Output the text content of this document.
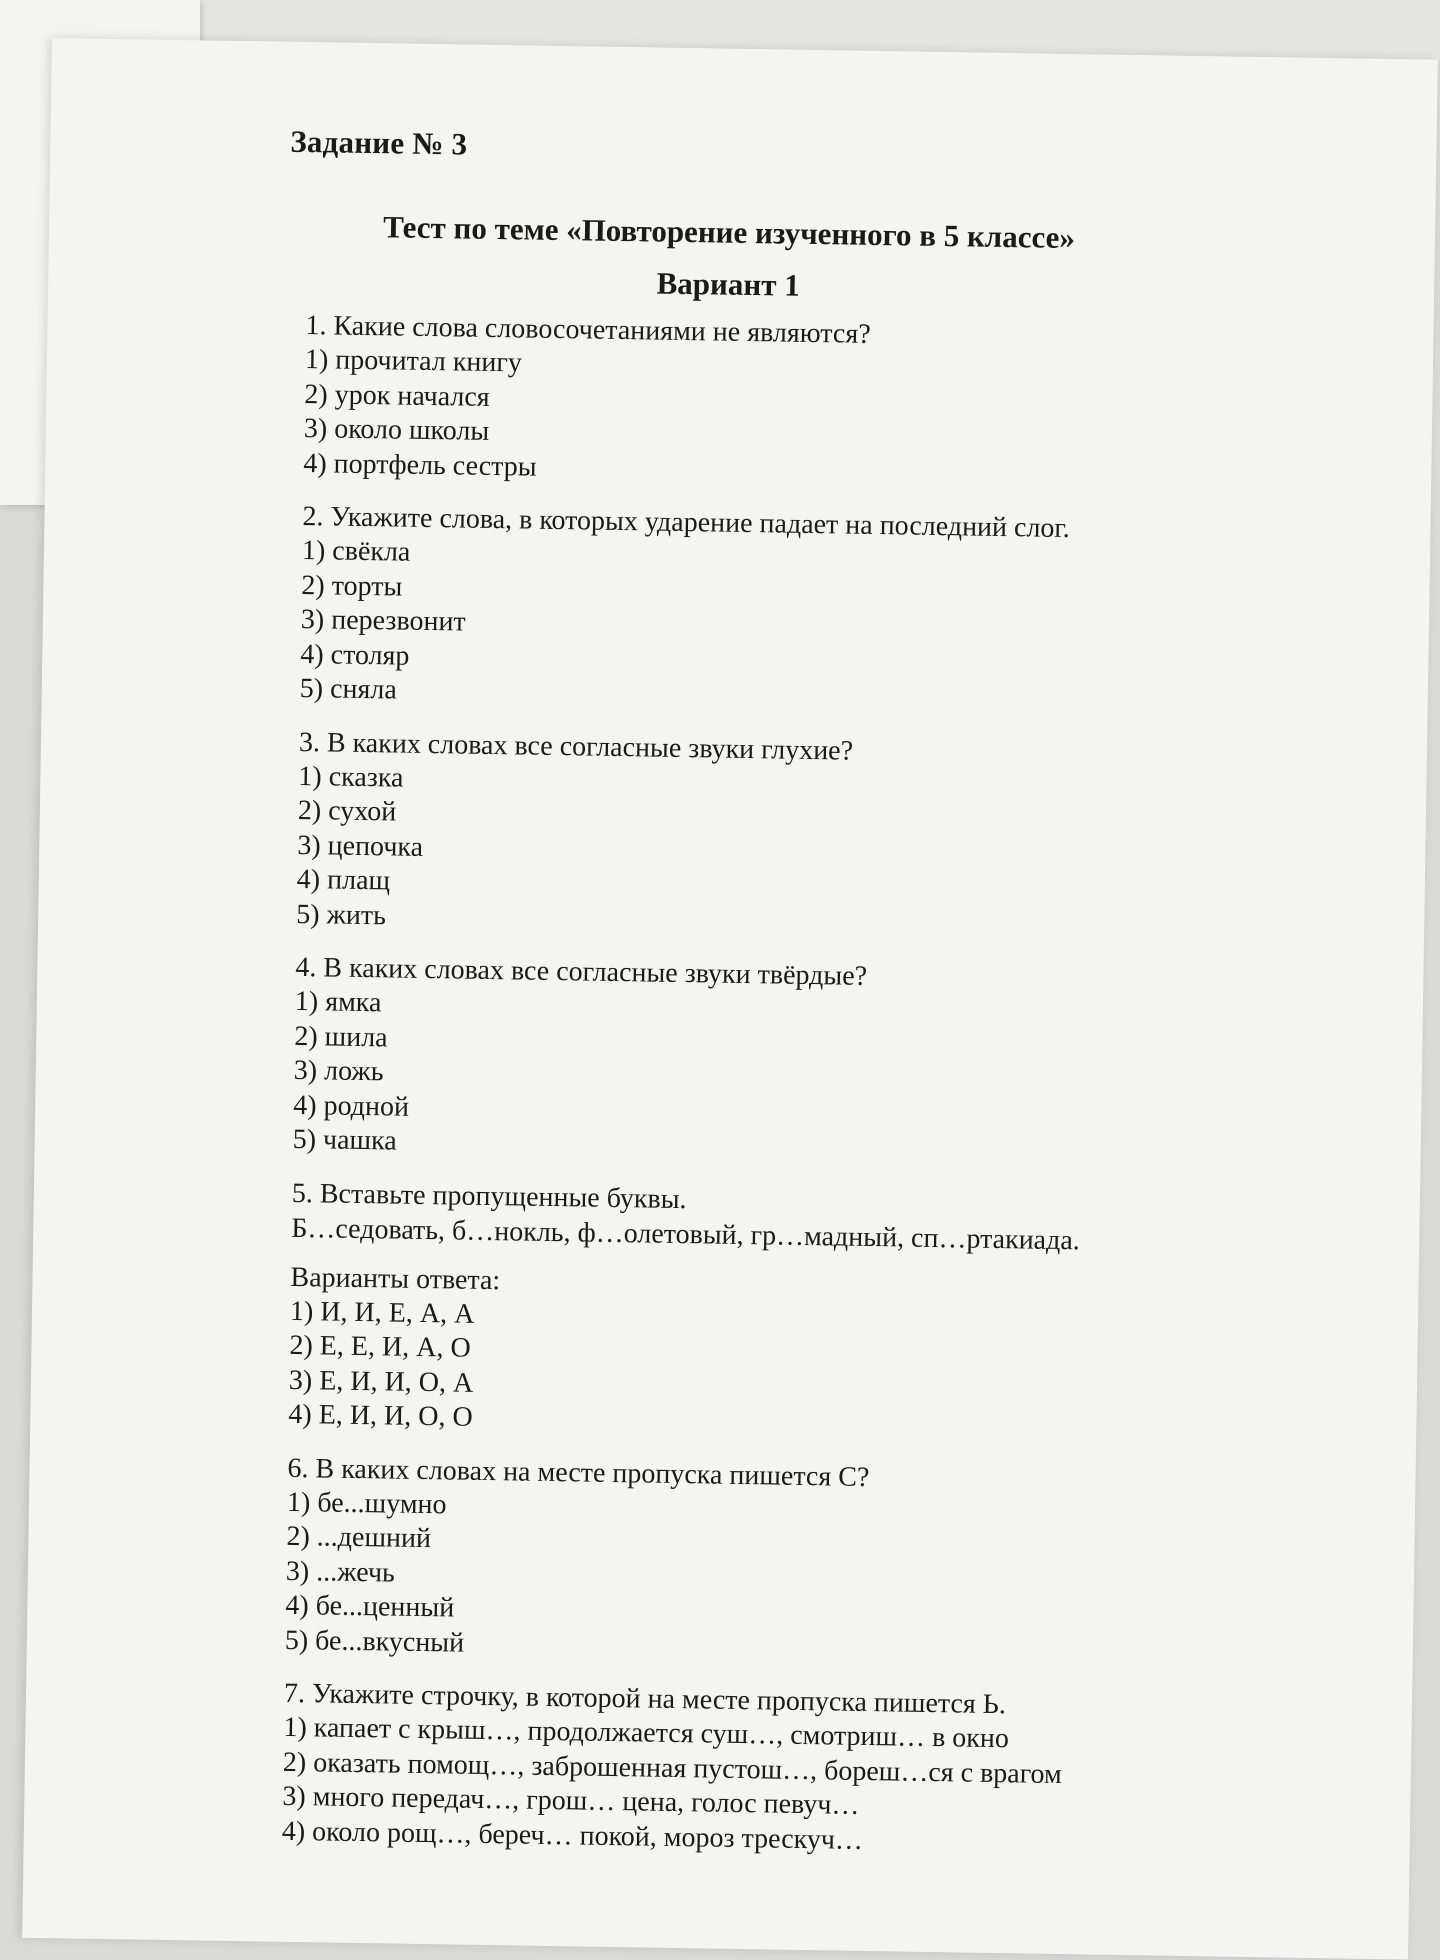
Задание № 3
Тест по теме «Повторение изученного в 5 классе»
Вариант 1
1. Какие слова словосочетаниями не являются?
1) прочитал книгу
2) урок начался
3) около школы
4) портфель сестры
2. Укажите слова, в которых ударение падает на последний слог.
1) свёкла
2) торты
3) перезвонит
4) столяр
5) сняла
3. В каких словах все согласные звуки глухие?
1) сказка
2) сухой
3) цепочка
4) плащ
5) жить
4. В каких словах все согласные звуки твёрдые?
1) ямка
2) шила
3) ложь
4) родной
5) чашка
5. Вставьте пропущенные буквы.
Б…седовать, б…нокль, ф…олетовый, гр…мадный, сп…ртакиада.
Варианты ответа:
1) И, И, Е, А, А
2) Е, Е, И, А, О
3) Е, И, И, О, А
4) Е, И, И, О, О
6. В каких словах на месте пропуска пишется С?
1) бе...шумно
2) ...дешний
3) ...жечь
4) бе...ценный
5) бе...вкусный
7. Укажите строчку, в которой на месте пропуска пишется Ь.
1) капает с крыш…, продолжается суш…, смотриш… в окно
2) оказать помощ…, заброшенная пустош…, бореш…ся с врагом
3) много передач…, грош… цена, голос певуч…
4) около рощ…, береч… покой, мороз трескуч…
